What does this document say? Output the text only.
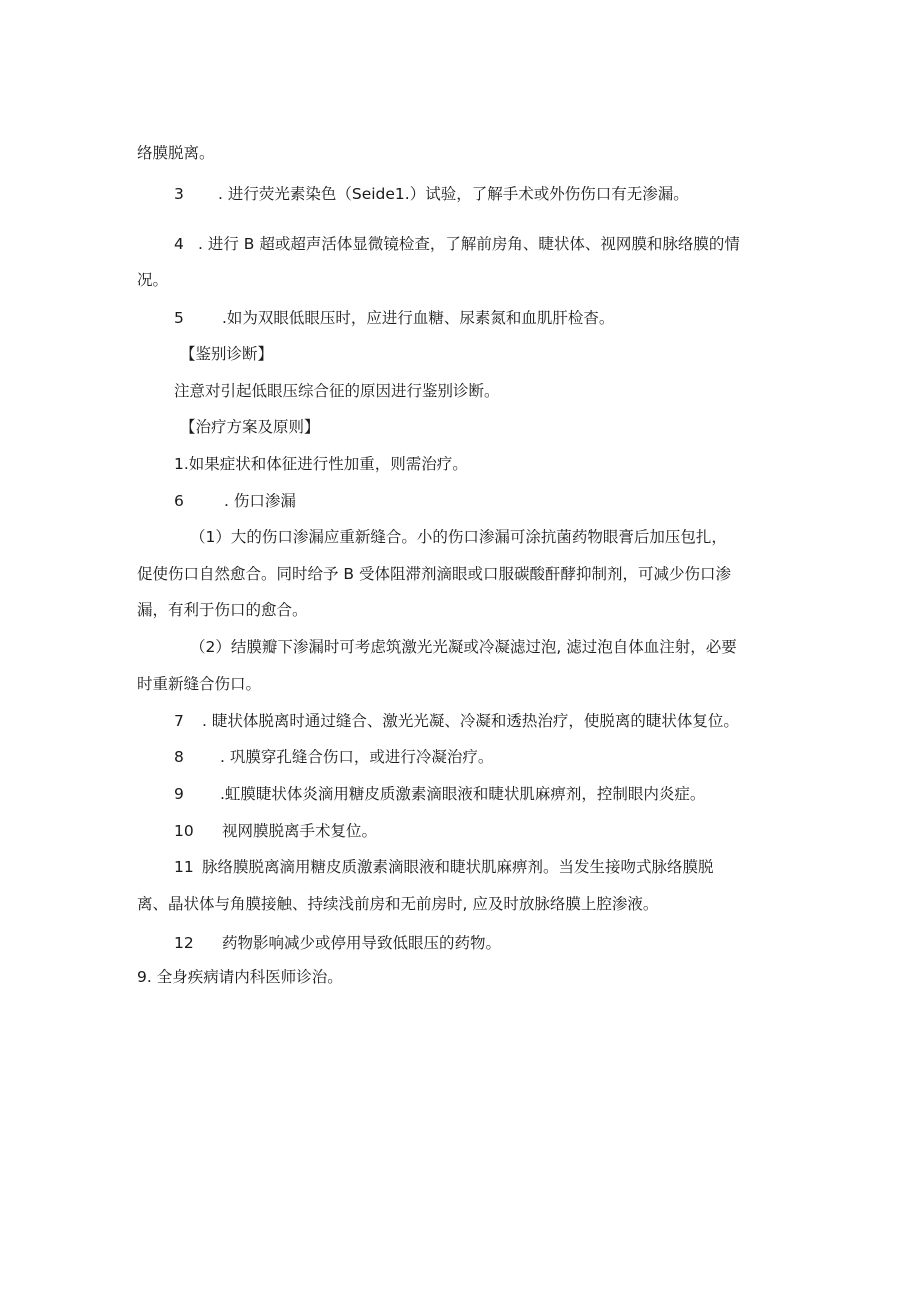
络膜脱离。
3 . 进行荧光素染色（Seide1.）试验，了解手术或外伤伤口有无渗漏。
4 . 进行 B 超或超声活体显微镜检查，了解前房角、睫状体、视网膜和脉络膜的情
况。
5 .如为双眼低眼压时，应进行血糖、尿素氮和血肌肝检杳。
【鉴别诊断】
注意对引起低眼压综合征的原因进行鉴别诊断。
【治疗方案及原则】
1.如果症状和体征进行性加重，则需治疗。
6	. 伤口渗漏
（1）大的伤口渗漏应重新缝合。小的伤口渗漏可涂抗菌药物眼膏后加压包扎，
促使伤口自然愈合。同时给予 B 受体阻滞剂滴眼或口服碳酸酐酵抑制剂，可减少伤口渗
漏，有利于伤口的愈合。
（2）结膜瓣下渗漏时可考虑筑激光光凝或冷凝滤过泡, 滤过泡自体血注射，必要
时重新缝合伤口。
7 . 睫状体脱离时通过缝合、激光光凝、冷凝和透热治疗，使脱离的睫状体复位。
8 . 巩膜穿孔缝合伤口，或进行冷凝治疗。
9 .虹膜睫状体炎滴用糖皮质激素滴眼液和睫状肌麻痹剂，控制眼内炎症。
10 视网膜脱离手术复位。
11 脉络膜脱离滴用糖皮质激素滴眼液和睫状肌麻痹剂。当发生接吻式脉络膜脱
离、晶状体与角膜接触、持续浅前房和无前房时, 应及时放脉络膜上腔渗液。
12 药物影响减少或停用导致低眼压的药物。
9. 全身疾病请内科医师诊治。
